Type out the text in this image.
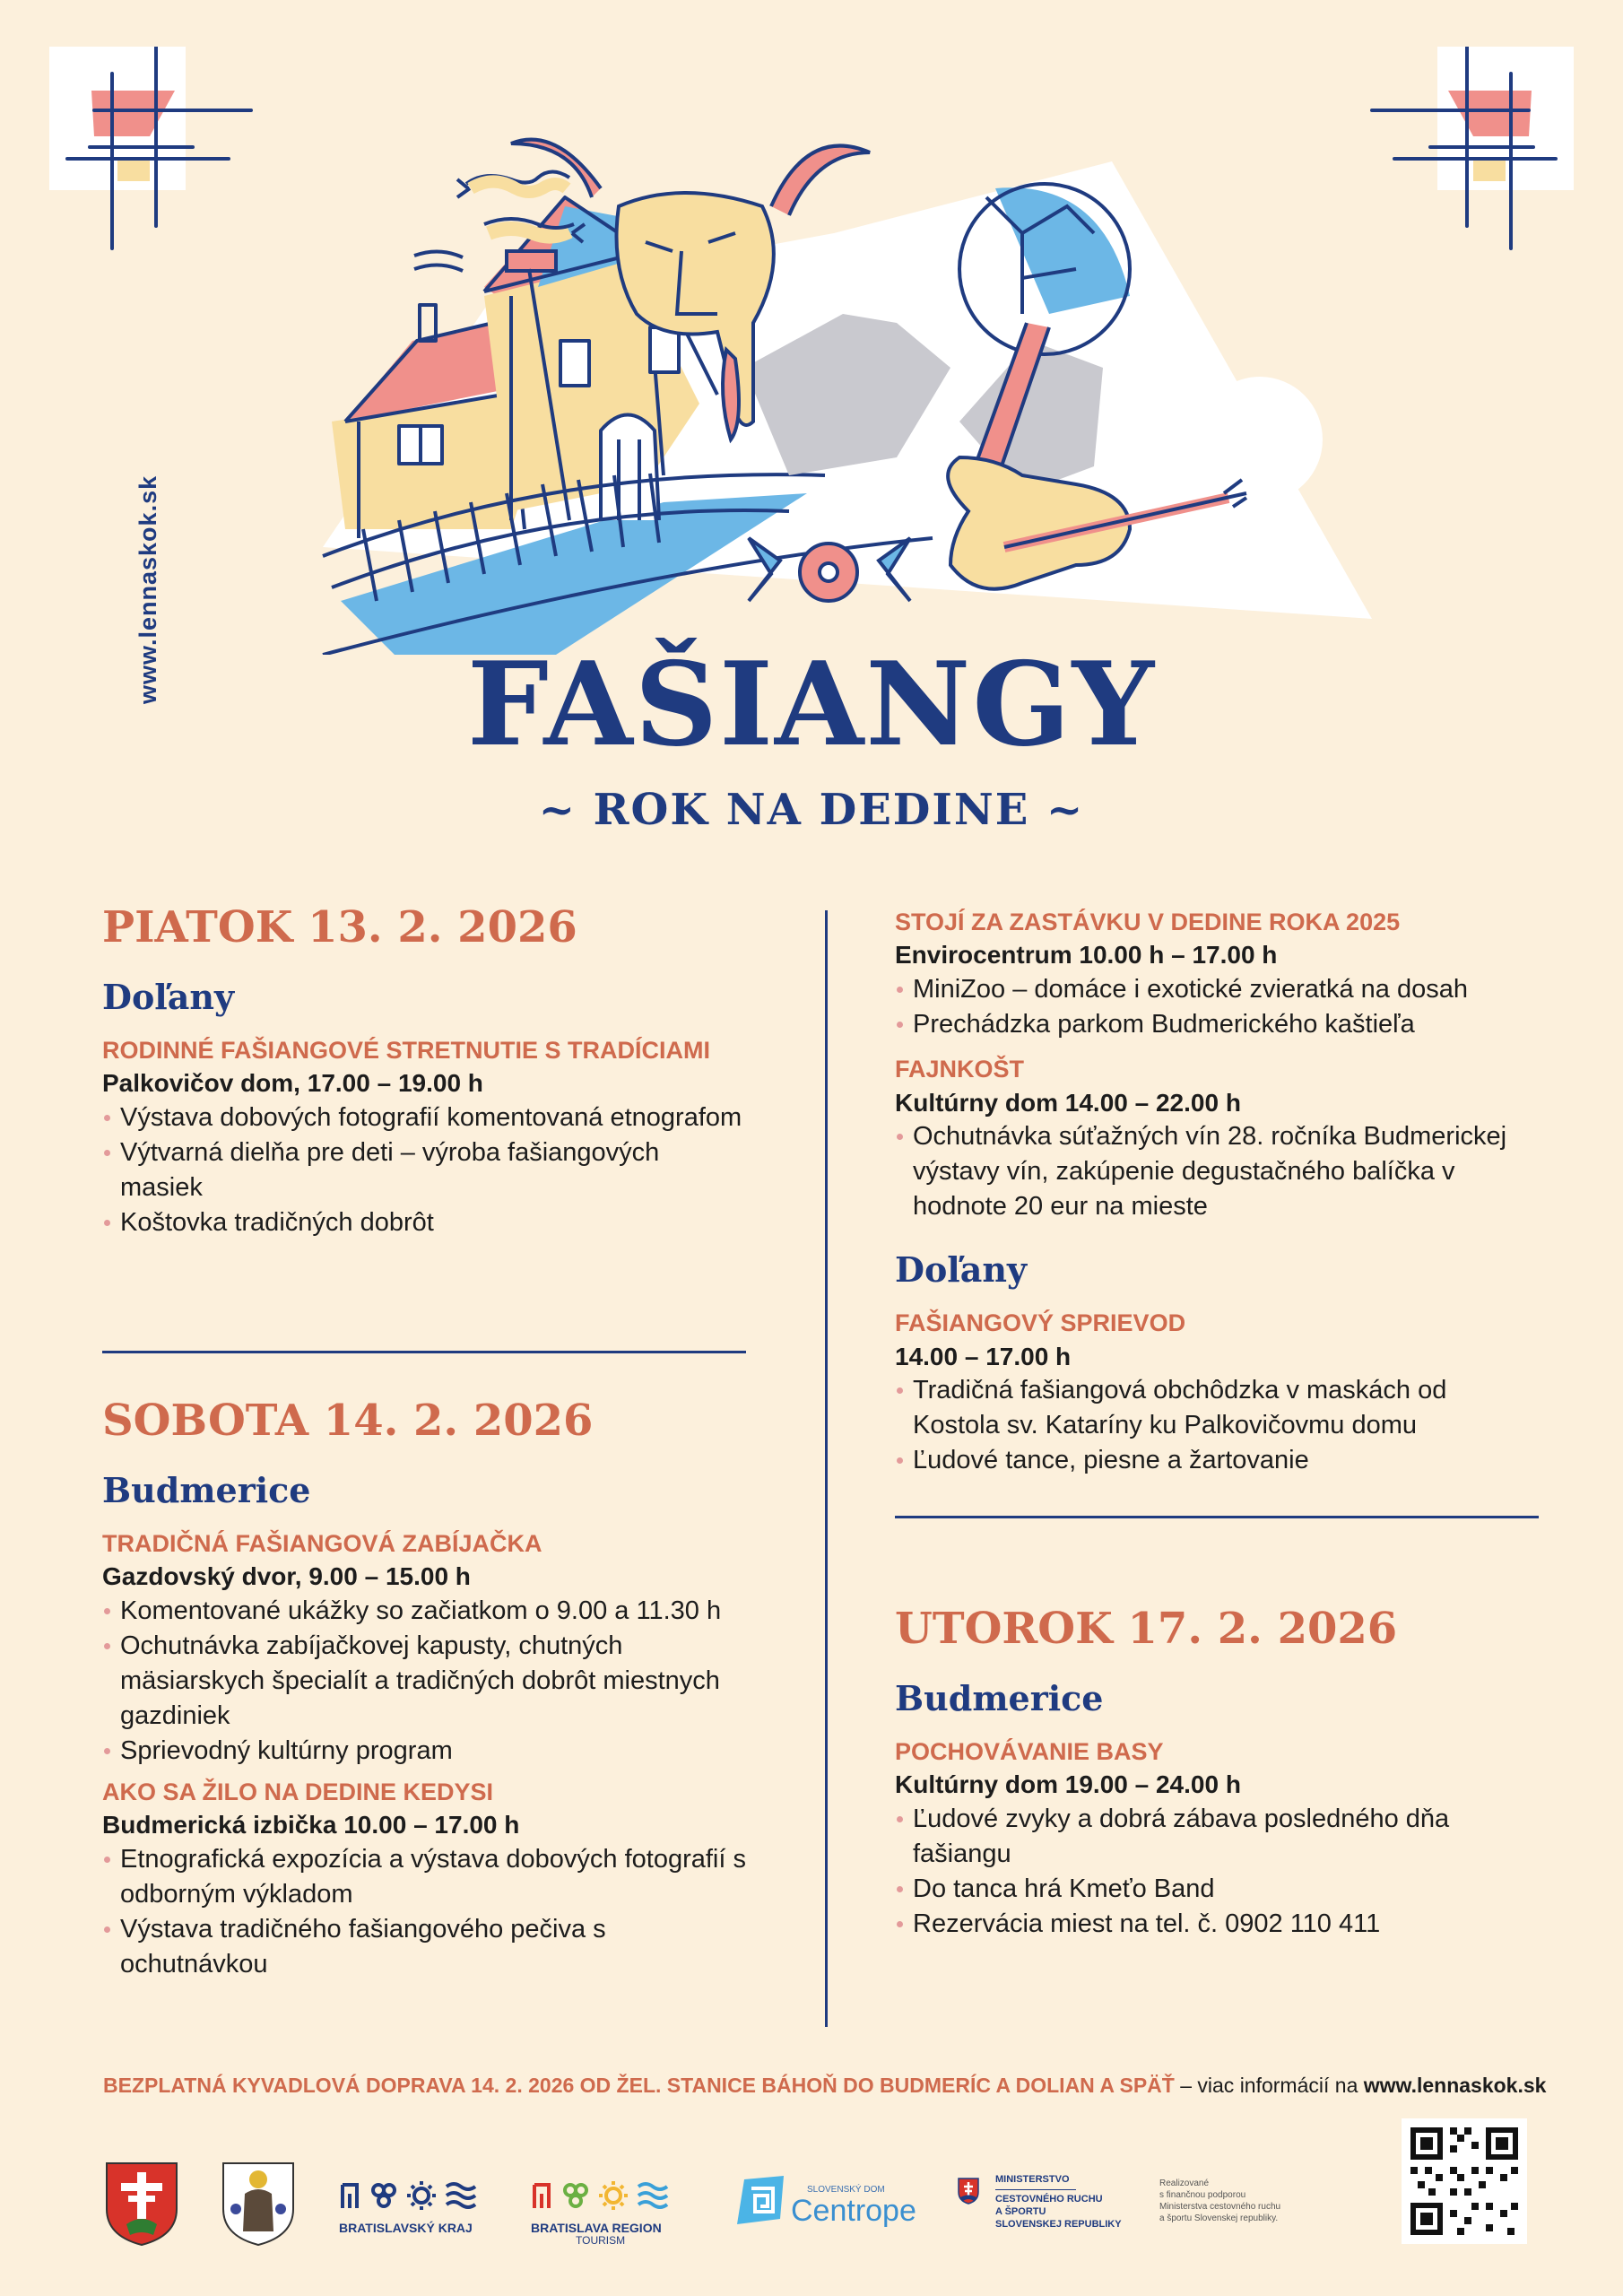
www.lennaskok.sk
FAŠIANGY
~ ROK NA DEDINE ~
PIATOK 13. 2. 2026
Doľany
RODINNÉ FAŠIANGOVÉ STRETNUTIE S TRADÍCIAMI
Palkovičov dom, 17.00 – 19.00 h
Výstava dobových fotografií komentovaná etnografom
Výtvarná dielňa pre deti – výroba fašiangových masiek
Koštovka tradičných dobrôt
SOBOTA 14. 2. 2026
Budmerice
TRADIČNÁ FAŠIANGOVÁ ZABÍJAČKA
Gazdovský dvor, 9.00 – 15.00 h
Komentované ukážky so začiatkom o 9.00 a 11.30 h
Ochutnávka zabíjačkovej kapusty, chutných mäsiarskych špecialít a tradičných dobrôt miestnych gazdiniek
Sprievodný kultúrny program
AKO SA ŽILO NA DEDINE KEDYSI
Budmerická izbička 10.00 – 17.00 h
Etnografická expozícia a výstava dobových fotografií s odborným výkladom
Výstava tradičného fašiangového pečiva s ochutnávkou
STOJÍ ZA ZASTÁVKU V DEDINE ROKA 2025
Envirocentrum 10.00 h – 17.00 h
MiniZoo – domáce i exotické zvieratká na dosah
Prechádzka parkom Budmerického kaštieľa
FAJNKOŠT
Kultúrny dom 14.00 – 22.00 h
Ochutnávka súťažných vín 28. ročníka Budmerickej výstavy vín, zakúpenie degustačného balíčka v hodnote 20 eur na mieste
Doľany
FAŠIANGOVÝ SPRIEVOD
14.00 – 17.00 h
Tradičná fašiangová obchôdzka v maskách od Kostola sv. Kataríny ku Palkovičovmu domu
Ľudové tance, piesne a žartovanie
UTOROK 17. 2. 2026
Budmerice
POCHOVÁVANIE BASY
Kultúrny dom 19.00 – 24.00 h
Ľudové zvyky a dobrá zábava posledného dňa fašiangu
Do tanca hrá Kmeťo Band
Rezervácia miest na tel. č. 0902 110 411
BEZPLATNÁ KYVADLOVÁ DOPRAVA 14. 2. 2026 OD ŽEL. STANICE BÁHOŇ DO BUDMERÍC A DOLIAN A SPÄŤ – viac informácií na www.lennaskok.sk
BRATISLAVSKÝ KRAJ	BRATISLAVA REGION
TOURISM
SLOVENSKÝ DOM
Centrope
MINISTERSTVO
CESTOVNÉHO RUCHU
A ŠPORTU
SLOVENSKEJ REPUBLIKY
Realizované
s finančnou podporou
Ministerstva cestovného ruchu
a športu Slovenskej republiky.
